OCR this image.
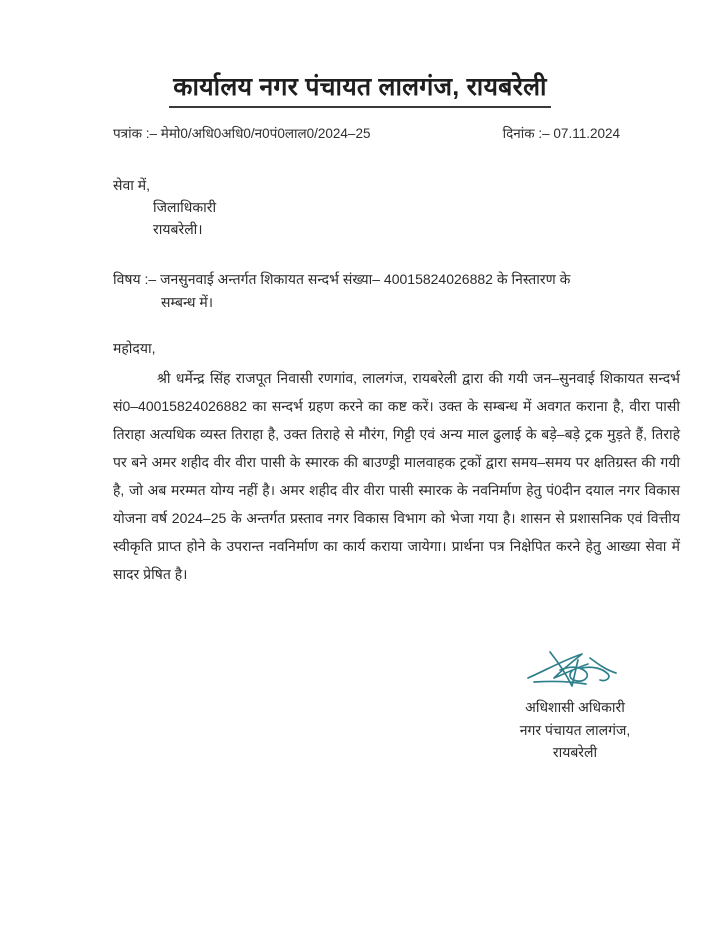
कार्यालय नगर पंचायत लालगंज, रायबरेली
पत्रांक :– मेमो0/अधि0अधि0/न0पं0लाल0/2024–25	दिनांक :– 07.11.2024
सेवा में,
जिलाधिकारी
रायबरेली।
विषय :– जनसुनवाई अन्तर्गत शिकायत सन्दर्भ संख्या– 40015824026882 के निस्तारण के
सम्बन्ध में।
महोदया,
श्री धर्मेन्द्र सिंह राजपूत निवासी रणगांव, लालगंज, रायबरेली द्वारा की गयी जन–सुनवाई शिकायत सन्दर्भ सं0–40015824026882 का सन्दर्भ ग्रहण करने का कष्ट करें। उक्त के सम्बन्ध में अवगत कराना है, वीरा पासी तिराहा अत्यधिक व्यस्त तिराहा है, उक्त तिराहे से मौरंग, गिट्टी एवं अन्य माल ढुलाई के बड़े–बड़े ट्रक मुड़ते हैं, तिराहे पर बने अमर शहीद वीर वीरा पासी के स्मारक की बाउण्ड्री मालवाहक ट्रकों द्वारा समय–समय पर क्षतिग्रस्त की गयी है, जो अब मरम्मत योग्य नहीं है। अमर शहीद वीर वीरा पासी स्मारक के नवनिर्माण हेतु पं0दीन दयाल नगर विकास योजना वर्ष 2024–25 के अन्तर्गत प्रस्ताव नगर विकास विभाग को भेजा गया है। शासन से प्रशासनिक एवं वित्तीय स्वीकृति प्राप्त होने के उपरान्त नवनिर्माण का कार्य कराया जायेगा। प्रार्थना पत्र निक्षेपित करने हेतु आख्या सेवा में सादर प्रेषित है।
अधिशासी अधिकारी
नगर पंचायत लालगंज,
रायबरेली
